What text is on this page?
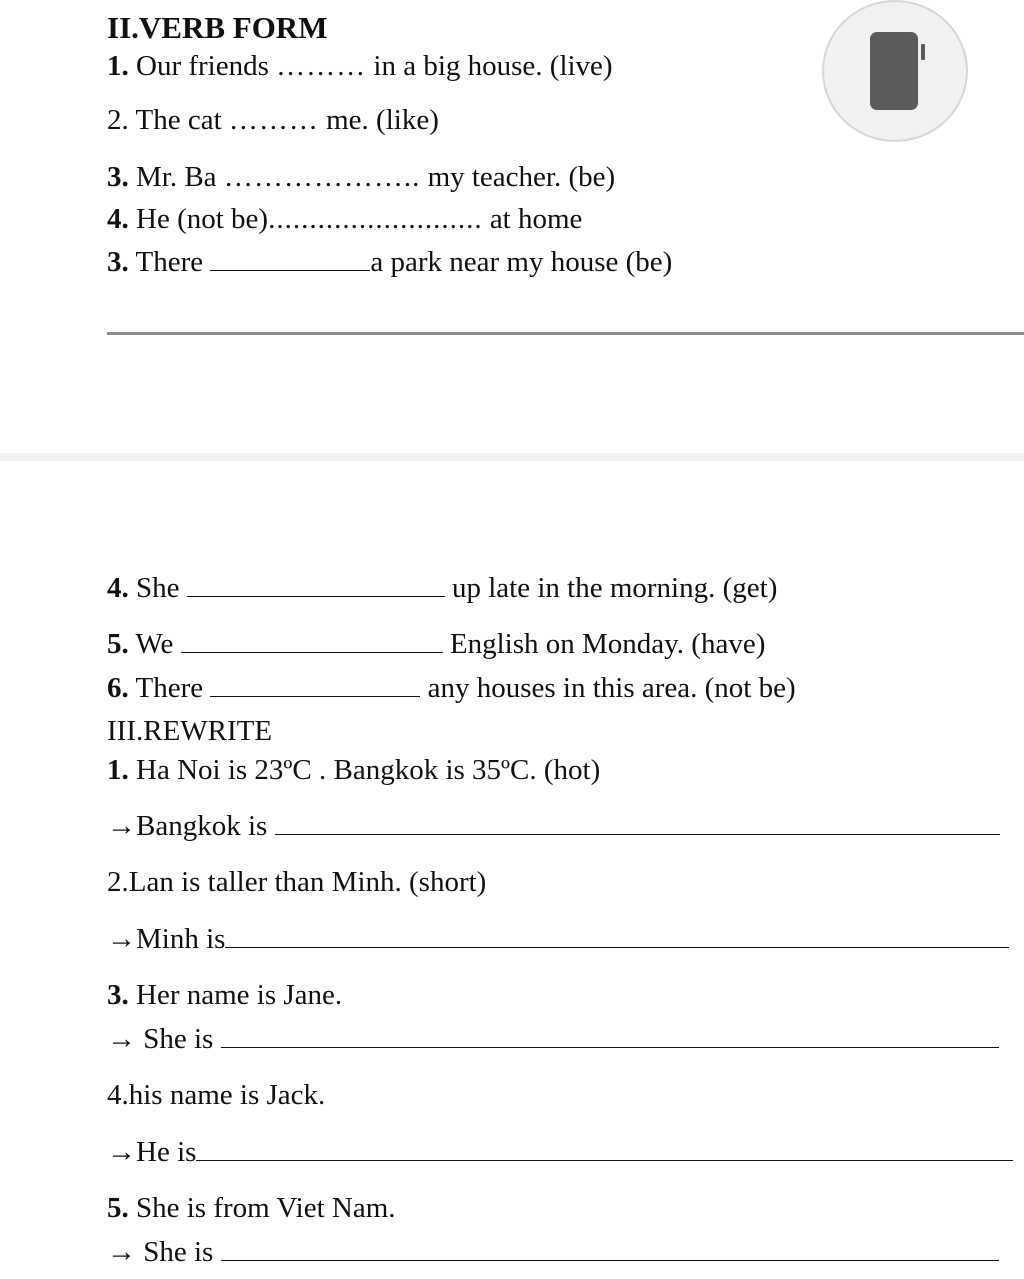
II.VERB FORM
1. Our friends ……… in a big house. (live)
2. The cat ……… me. (like)
3. Mr. Ba ……………….. my teacher. (be)
4. He (not be).......................... at home
3. There	a park near my house (be)
4. She	up late in the morning. (get)
5. We	English on Monday. (have)
6. There	any houses in this area. (not be)
III.REWRITE
1. Ha Noi is 23ºC . Bangkok is 35ºC. (hot)
→Bangkok is
2.Lan is taller than Minh. (short)
→Minh is
3. Her name is Jane.
→ She is
4.his name is Jack.
→He is
5. She is from Viet Nam.
→ She is
